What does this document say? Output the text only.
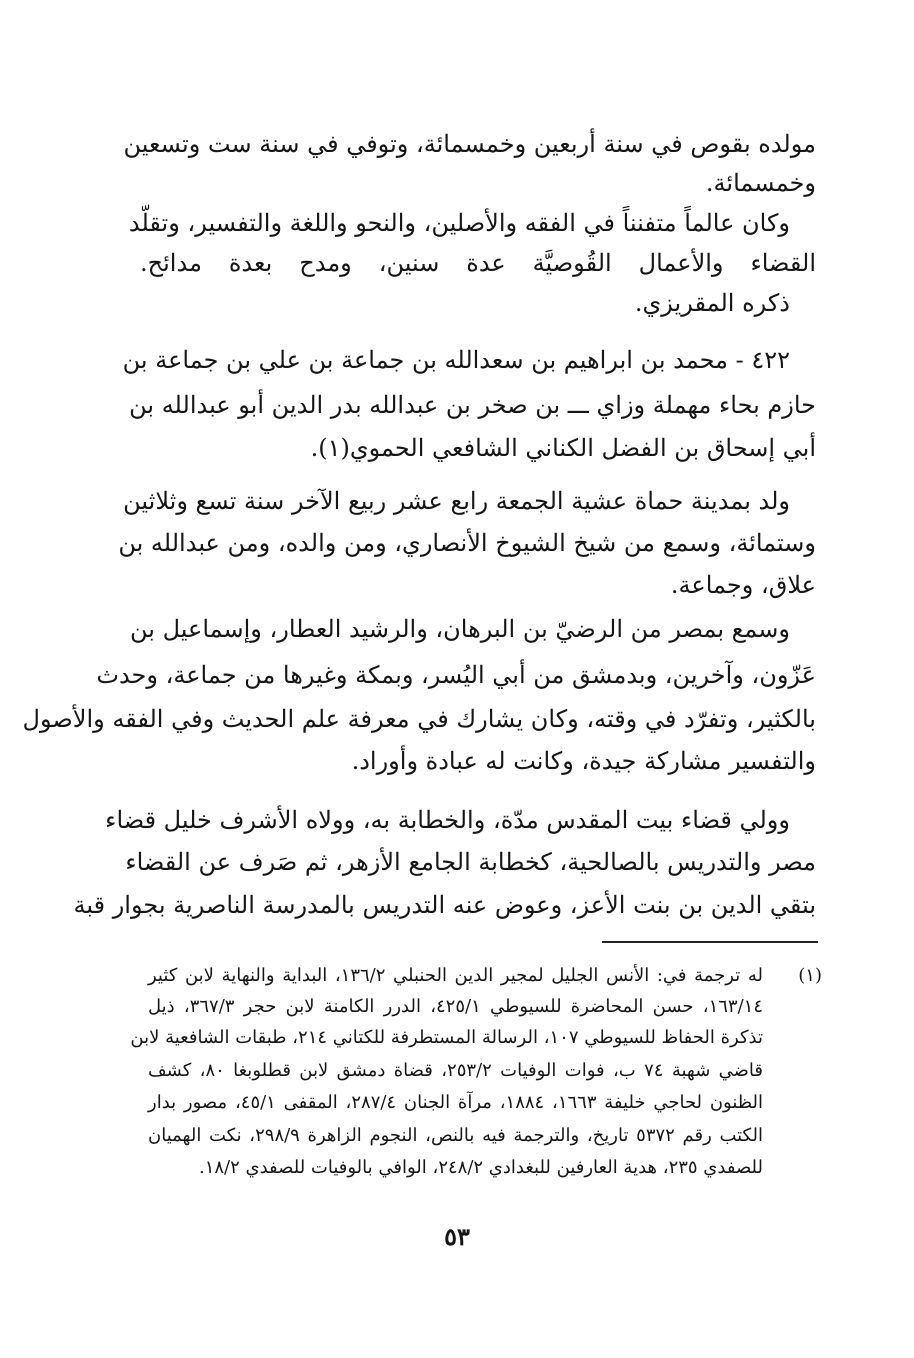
مولده بقوص في سنة أربعين وخمسمائة، وتوفي في سنة ست وتسعين
وخمسمائة.
وكان عالماً متفنناً في الفقه والأصلين، والنحو واللغة والتفسير، وتقلّد
القضاء والأعمال القُوصيَّة عدة سنين، ومدح بعدة مدائح.
ذكره المقريزي.
٤٢٢ - محمد بن ابراهيم بن سعدالله بن جماعة بن علي بن جماعة بن
حازم بحاء مهملة وزاي ـــ بن صخر بن عبدالله بدر الدين أبو عبدالله بن
أبي إسحاق بن الفضل الكناني الشافعي الحموي(١).
ولد بمدينة حماة عشية الجمعة رابع عشر ربيع الآخر سنة تسع وثلاثين
وستمائة، وسمع من شيخ الشيوخ الأنصاري، ومن والده، ومن عبدالله بن
علاق، وجماعة.
وسمع بمصر من الرضيّ بن البرهان، والرشيد العطار، وإسماعيل بن
عَزّون، وآخرين، وبدمشق من أبي اليُسر، وبمكة وغيرها من جماعة، وحدث
بالكثير، وتفرّد في وقته، وكان يشارك في معرفة علم الحديث وفي الفقه والأصول
والتفسير مشاركة جيدة، وكانت له عبادة وأوراد.
وولي قضاء بيت المقدس مدّة، والخطابة به، وولاه الأشرف خليل قضاء
مصر والتدريس بالصالحية، كخطابة الجامع الأزهر، ثم صَرف عن القضاء
بتقي الدين بن بنت الأعز، وعوض عنه التدريس بالمدرسة الناصرية بجوار قبة
(١)
له ترجمة في: الأنس الجليل لمجير الدين الحنبلي ١٣٦/٢، البداية والنهاية لابن كثير
١٦٣/١٤، حسن المحاضرة للسيوطي ٤٢٥/١، الدرر الكامنة لابن حجر ٣٦٧/٣، ذيل
تذكرة الحفاظ للسيوطي ١٠٧، الرسالة المستطرفة للكتاني ٢١٤، طبقات الشافعية لابن
قاضي شهبة ٧٤ ب، فوات الوفيات ٢٥٣/٢، قضاة دمشق لابن قطلوبغا ٨٠، كشف
الظنون لحاجي خليفة ١٦٦٣، ١٨٨٤، مرآة الجنان ٢٨٧/٤، المقفى ٤٥/١، مصور بدار
الكتب رقم ٥٣٧٢ تاريخ، والترجمة فيه بالنص، النجوم الزاهرة ٢٩٨/٩، نكت الهميان
للصفدي ٢٣٥، هدية العارفين للبغدادي ٢٤٨/٢، الوافي بالوفيات للصفدي ١٨/٢.
٥٣
